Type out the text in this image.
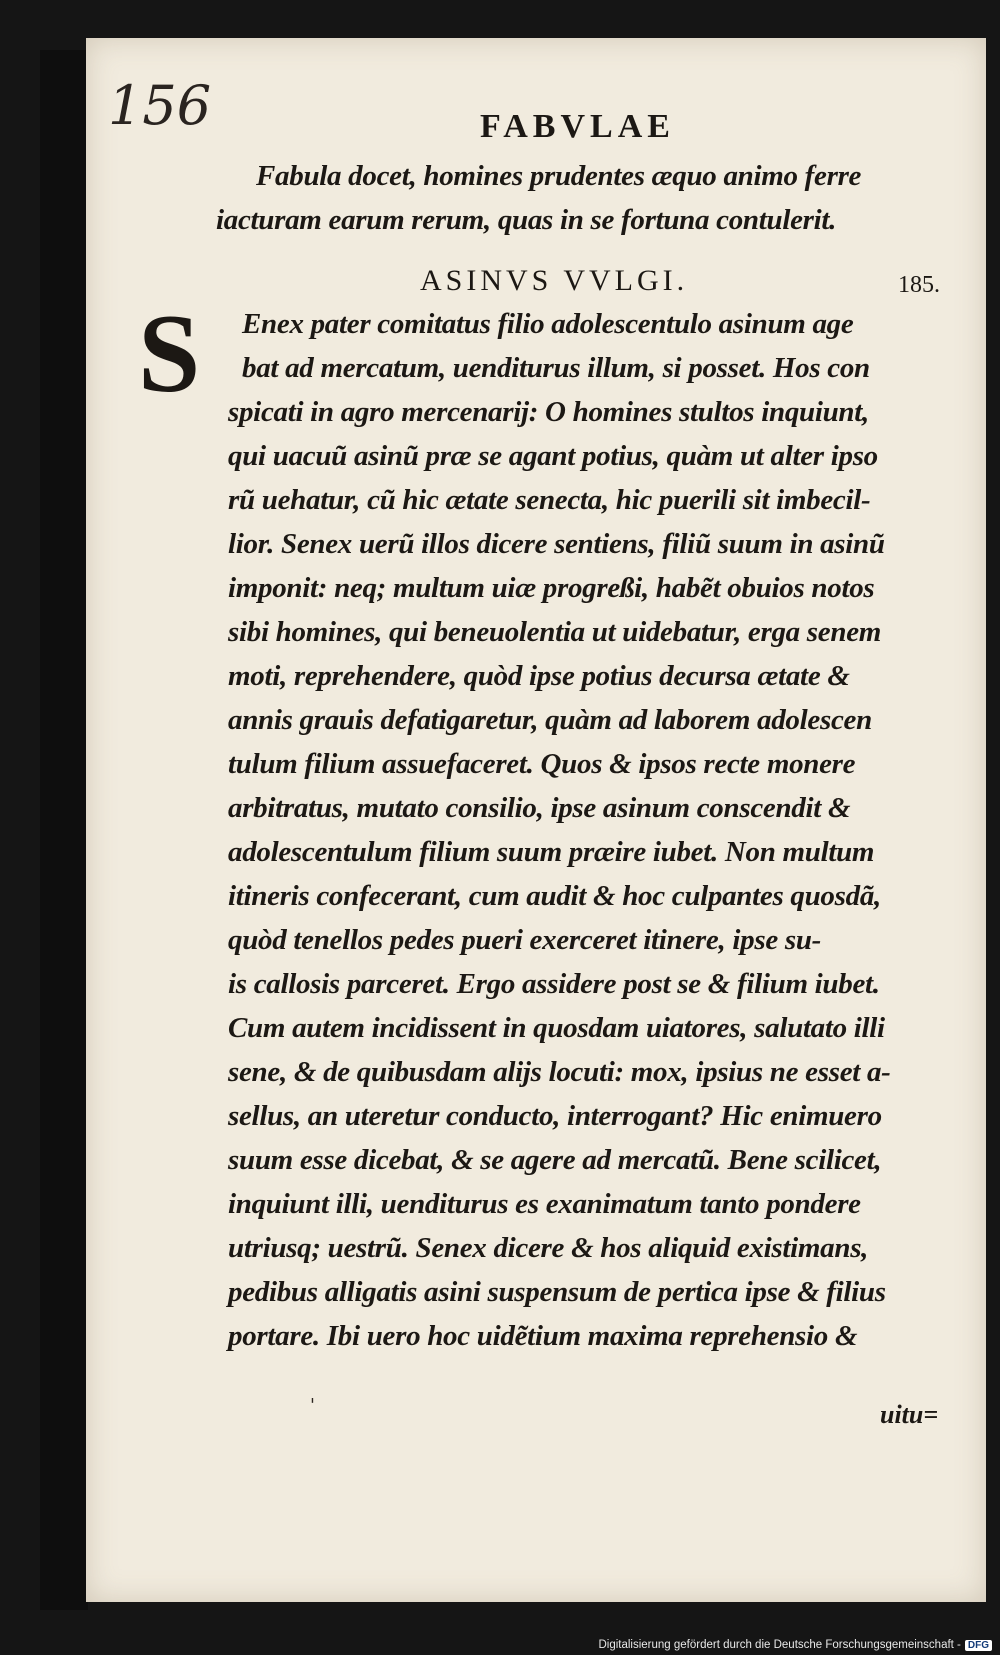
156	FABVLAE
Fabula docet, homines prudentes æquo animo ferre
iacturam earum rerum, quas in se fortuna contulerit.
ASINVS VVLGI.	185.
S Enex pater comitatus filio adolescentulo asinum age
bat ad mercatum, uenditurus illum, si posset. Hos con
spicati in agro mercenarij: O homines stultos inquiunt,
qui uacuũ asinũ præ se agant potius, quàm ut alter ipso
rũ uehatur, cũ hic ætate senecta, hic puerili sit imbecil-
lior. Senex uerũ illos dicere sentiens, filiũ suum in asinũ
imponit: neq; multum uiæ progreßi, habẽt obuios notos
sibi homines, qui beneuolentia ut uidebatur, erga senem
moti, reprehendere, quòd ipse potius decursa ætate &
annis grauis defatigaretur, quàm ad laborem adolescen
tulum filium assuefaceret. Quos & ipsos recte monere
arbitratus, mutato consilio, ipse asinum conscendit &
adolescentulum filium suum præire iubet. Non multum
itineris confecerant, cum audit & hoc culpantes quosdã,
quòd tenellos pedes pueri exerceret itinere, ipse su-
is callosis parceret. Ergo assidere post se & filium iubet.
Cum autem incidissent in quosdam uiatores, salutato illi
sene, & de quibusdam alijs locuti: mox, ipsius ne esset a-
sellus, an uteretur conducto, interrogant? Hic enimuero
suum esse dicebat, & se agere ad mercatũ. Bene scilicet,
inquiunt illi, uenditurus es exanimatum tanto pondere
utriusq; uestrũ. Senex dicere & hos aliquid existimans,
pedibus alligatis asini suspensum de pertica ipse & filius
portare. Ibi uero hoc uidẽtium maxima reprehensio &
'	uitu=
Digitalisierung gefördert durch die Deutsche Forschungsgemeinschaft - DFG
